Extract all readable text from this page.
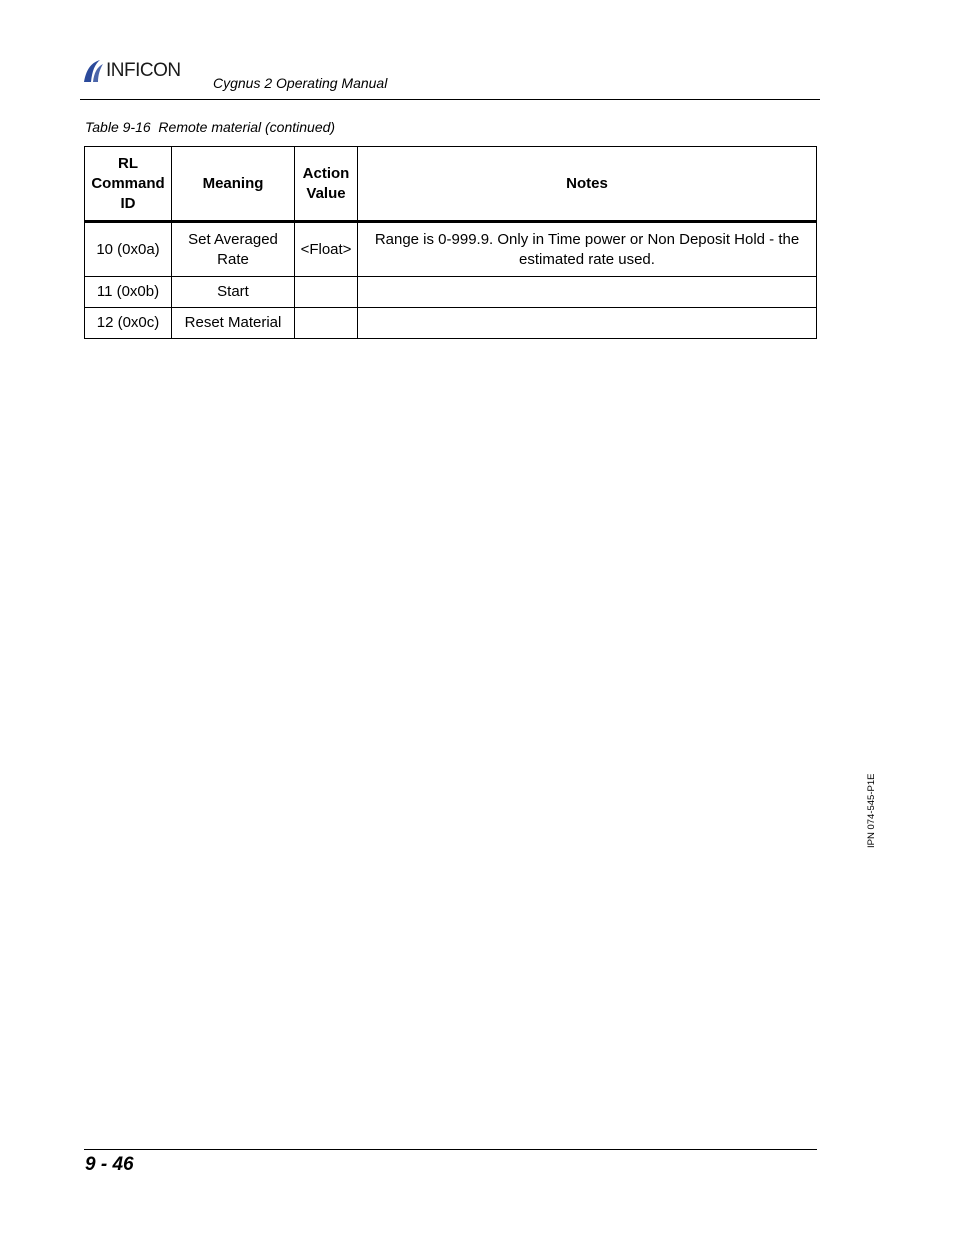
INFICON
Cygnus 2 Operating Manual
Table 9-16  Remote material (continued)
RL Command ID	Meaning	Action Value	Notes
10 (0x0a)	Set Averaged Rate	<Float>	Range is 0-999.9. Only in Time power or Non Deposit Hold - the estimated rate used.
11 (0x0b)	Start		
12 (0x0c)	Reset Material		
IPN 074-545-P1E
9 - 46
